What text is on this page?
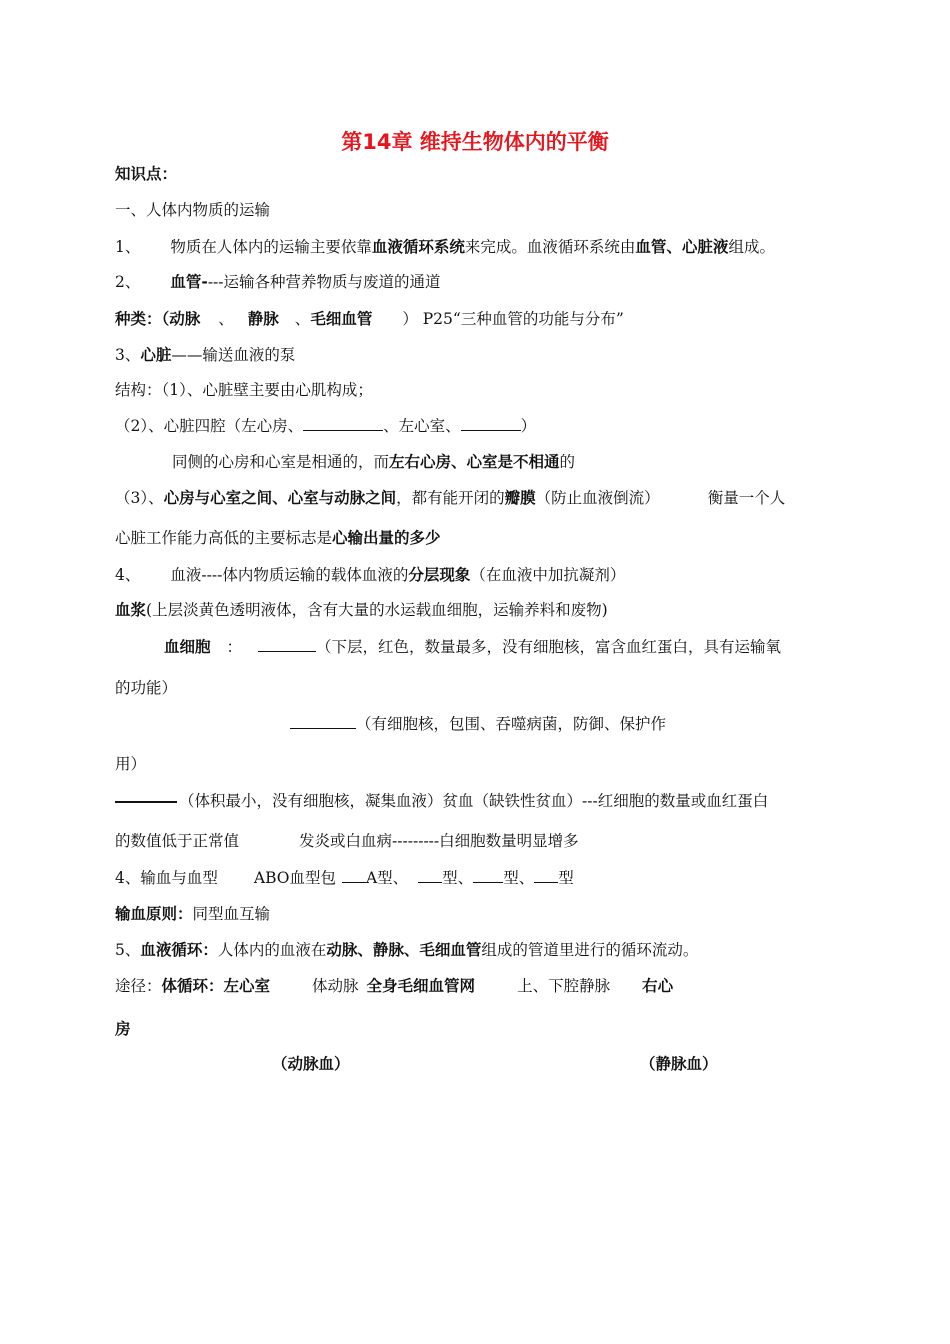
第14章 维持生物体内的平衡
知识点：
一、人体内物质的运输
1、 物质在人体内的运输主要依靠血液循环系统来完成。血液循环系统由血管、心脏液组成。
2、 血管----运输各种营养物质与废道的通道
种类：（动脉 、 静脉 、毛细血管 ） P25“三种血管的功能与分布”
3、心脏——输送血液的泵
结构：（1）、心脏壁主要由心肌构成；
（2）、心脏四腔（左心房、	、左心室、	）
同侧的心房和心室是相通的，而左右心房、心室是不相通的
（3）、心房与心室之间、心室与动脉之间，都有能开闭的瓣膜（防止血液倒流）	衡量一个人
心脏工作能力高低的主要标志是心输出量的多少
4、 血液----体内物质运输的载体血液的分层现象（在血液中加抗凝剂）
血浆(上层淡黄色透明液体，含有大量的水运载血细胞，运输养料和废物)
血细胞 ：	（下层，红色，数量最多，没有细胞核，富含血红蛋白，具有运输氧
的功能）
（有细胞核，包围、吞噬病菌，防御、保护作
用）
（体积最小，没有细胞核，凝集血液）贫血（缺铁性贫血）---红细胞的数量或血红蛋白
的数值低于正常值	发炎或白血病---------白细胞数量明显增多
4、输血与血型 ABO血型包 A型、 型、 型、 型
输血原则：同型血互输
5、血液循环：人体内的血液在动脉、静脉、毛细血管组成的管道里进行的循环流动。
途径：体循环：左心室	体动脉 全身毛细血管网	上、下腔静脉 右心
房
（动脉血）	（静脉血）
